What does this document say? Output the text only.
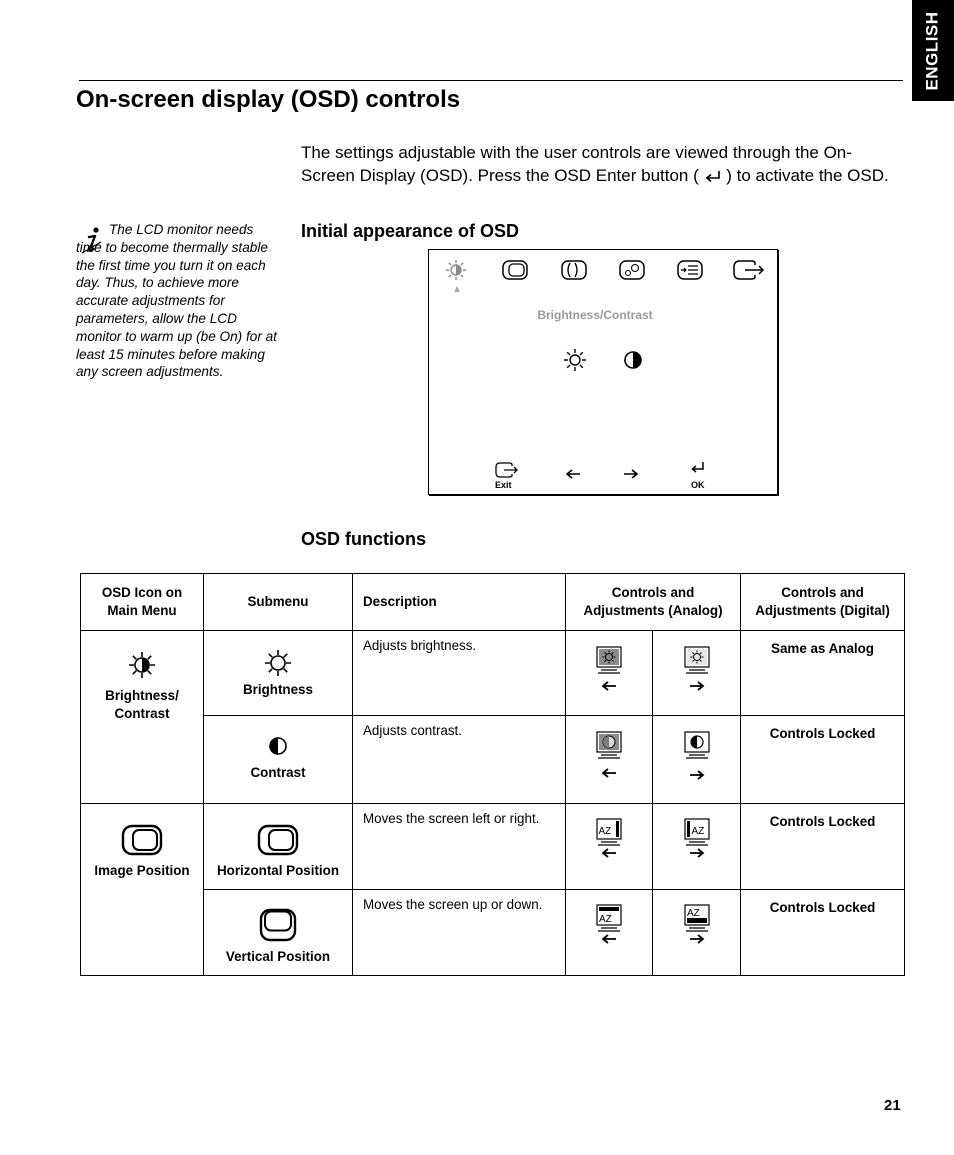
ENGLISH
On-screen display (OSD) controls

The settings adjustable with the user controls are viewed through the On-Screen Display (OSD). Press the OSD Enter button ( ) to activate the OSD.

The LCD monitor needs time to become thermally stable the first time you turn it on each day. Thus, to achieve more accurate adjustments for parameters, allow the LCD monitor to warm up (be On) for at least 15 minutes before making any screen adjustments.

Initial appearance of OSD
Brightness/Contrast
Exit	OK
OSD functions
OSD Icon on Main Menu	Submenu	Description	Controls and Adjustments (Analog)		Controls and Adjustments (Digital)

Brightness/ Contrast	Brightness	Adjusts brightness.			Same as Analog

	Contrast	Adjusts contrast.			Controls Locked

Image Position	Horizontal Position	Moves the screen left or right.	AZ	AZ	Controls Locked

	Vertical Position	Moves the screen up or down.	AZ	AZ	Controls Locked
21
